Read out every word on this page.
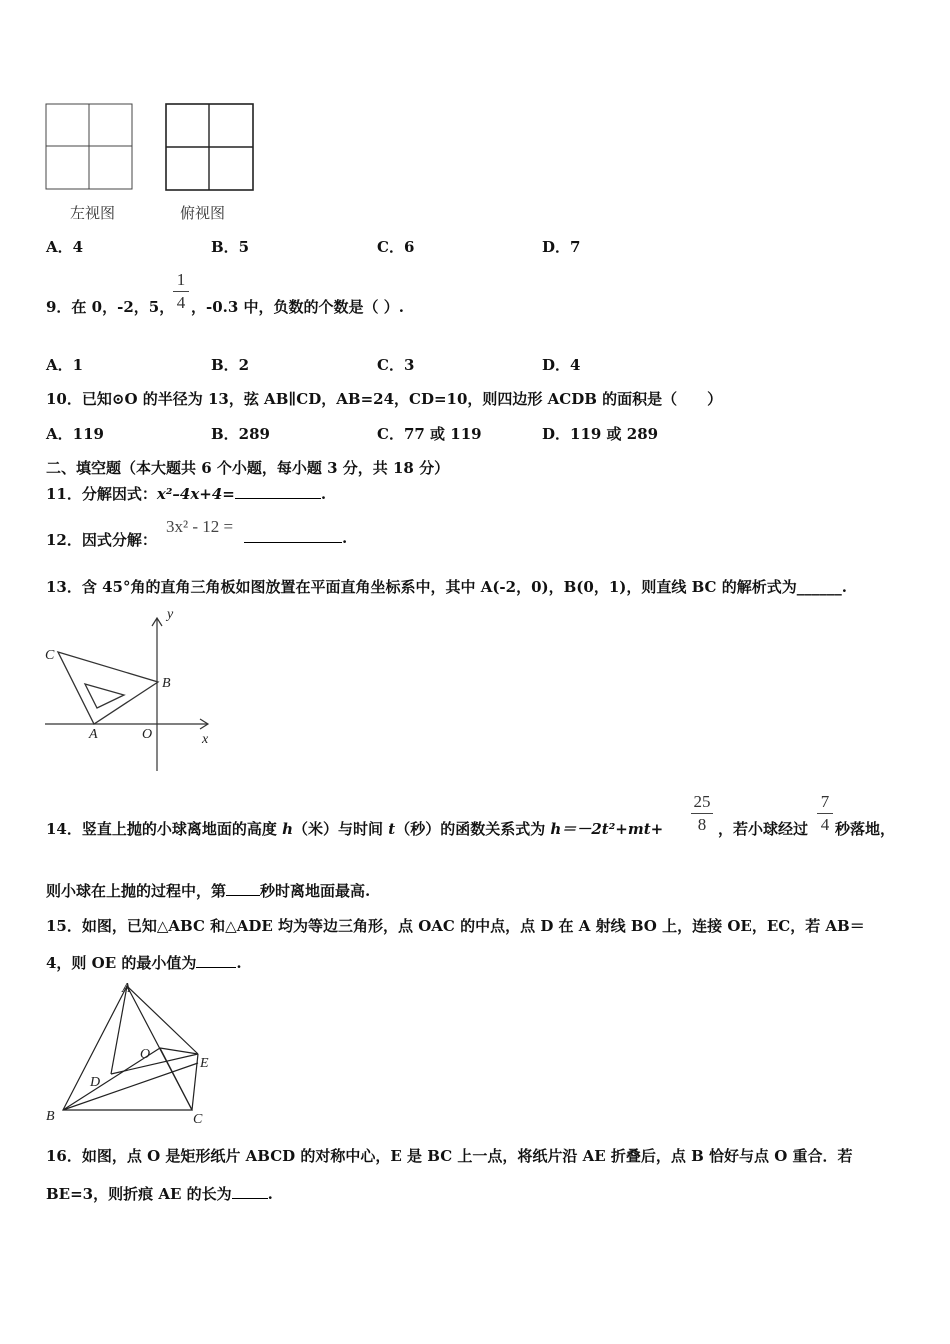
左视图	俯视图
A．4	B．5	C．6	D．7
9．在 0，-2，5，
1
4 ，-0.3 中，负数的个数是（ ）.
A．1	B．2	C．3	D．4
10．已知⊙O 的半径为 13，弦 AB∥CD，AB=24，CD=10，则四边形 ACDB 的面积是（　　）
A．119	B．289	C．77 或 119	D．119 或 289
二、填空题（本大题共 6 个小题，每小题 3 分，共 18 分）
11．分解因式：x²–4x+4=	.
12．因式分解：
3x² - 12 =
.
13．含 45°角的直角三角板如图放置在平面直角坐标系中，其中 A(-2，0)，B(0，1)，则直线 BC 的解析式为______.
C
B
A	O	x
y
14．竖直上抛的小球离地面的高度 h（米）与时间 t（秒）的函数关系式为 h＝－2t²+mt+
25
8 ，若小球经过
7
4 秒落地，
则小球在上抛的过程中，第 秒时离地面最高.
15．如图，已知△ABC 和△ADE 均为等边三角形，点 OAC 的中点，点 D 在 A 射线 BO 上，连接 OE，EC，若 AB＝
4，则 OE 的最小值为	.
A
O
E
D
B	C
16．如图，点 O 是矩形纸片 ABCD 的对称中心，E 是 BC 上一点，将纸片沿 AE 折叠后，点 B 恰好与点 O 重合．若
BE=3，则折痕 AE 的长为 .
